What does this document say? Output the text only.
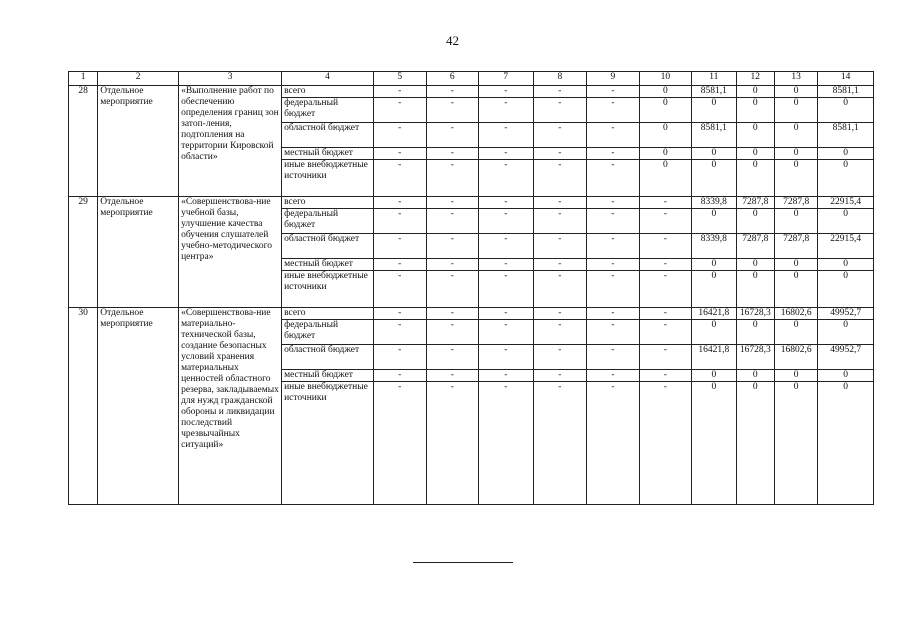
42
1	2	3	4	5	6	7	8	9	10	11	12	13	14
28	Отдельное мероприятие	«Выполнение работ по обеспечению определения границ зон затоп-ления, подтопления на территории Кировской области»	всего	-	-	-	-	-	0	8581,1	0	0	8581,1
			федеральный бюджет	-	-	-	-	-	0	0	0	0	0
			областной бюджет	-	-	-	-	-	0	8581,1	0	0	8581,1
			местный бюджет	-	-	-	-	-	0	0	0	0	0
			иные внебюджетные источники	-	-	-	-	-	0	0	0	0	0
29	Отдельное мероприятие	«Совершенствова-ние учебной базы, улучшение качества обучения слушателей учебно-методического центра»	всего	-	-	-	-	-	-	8339,8	7287,8	7287,8	22915,4
			федеральный бюджет	-	-	-	-	-	-	0	0	0	0
			областной бюджет	-	-	-	-	-	-	8339,8	7287,8	7287,8	22915,4
			местный бюджет	-	-	-	-	-	-	0	0	0	0
			иные внебюджетные источники	-	-	-	-	-	-	0	0	0	0
30	Отдельное мероприятие	«Совершенствова-ние материально-технической базы, создание безопасных условий хранения материальных ценностей областного резерва, закладываемых для нужд гражданской обороны и ликвидации последствий чрезвычайных ситуаций»	всего	-	-	-	-	-	-	16421,8	16728,3	16802,6	49952,7
			федеральный бюджет	-	-	-	-	-	-	0	0	0	0
			областной бюджет	-	-	-	-	-	-	16421,8	16728,3	16802,6	49952,7
			местный бюджет	-	-	-	-	-	-	0	0	0	0
			иные внебюджетные источники	-	-	-	-	-	-	0	0	0	0
